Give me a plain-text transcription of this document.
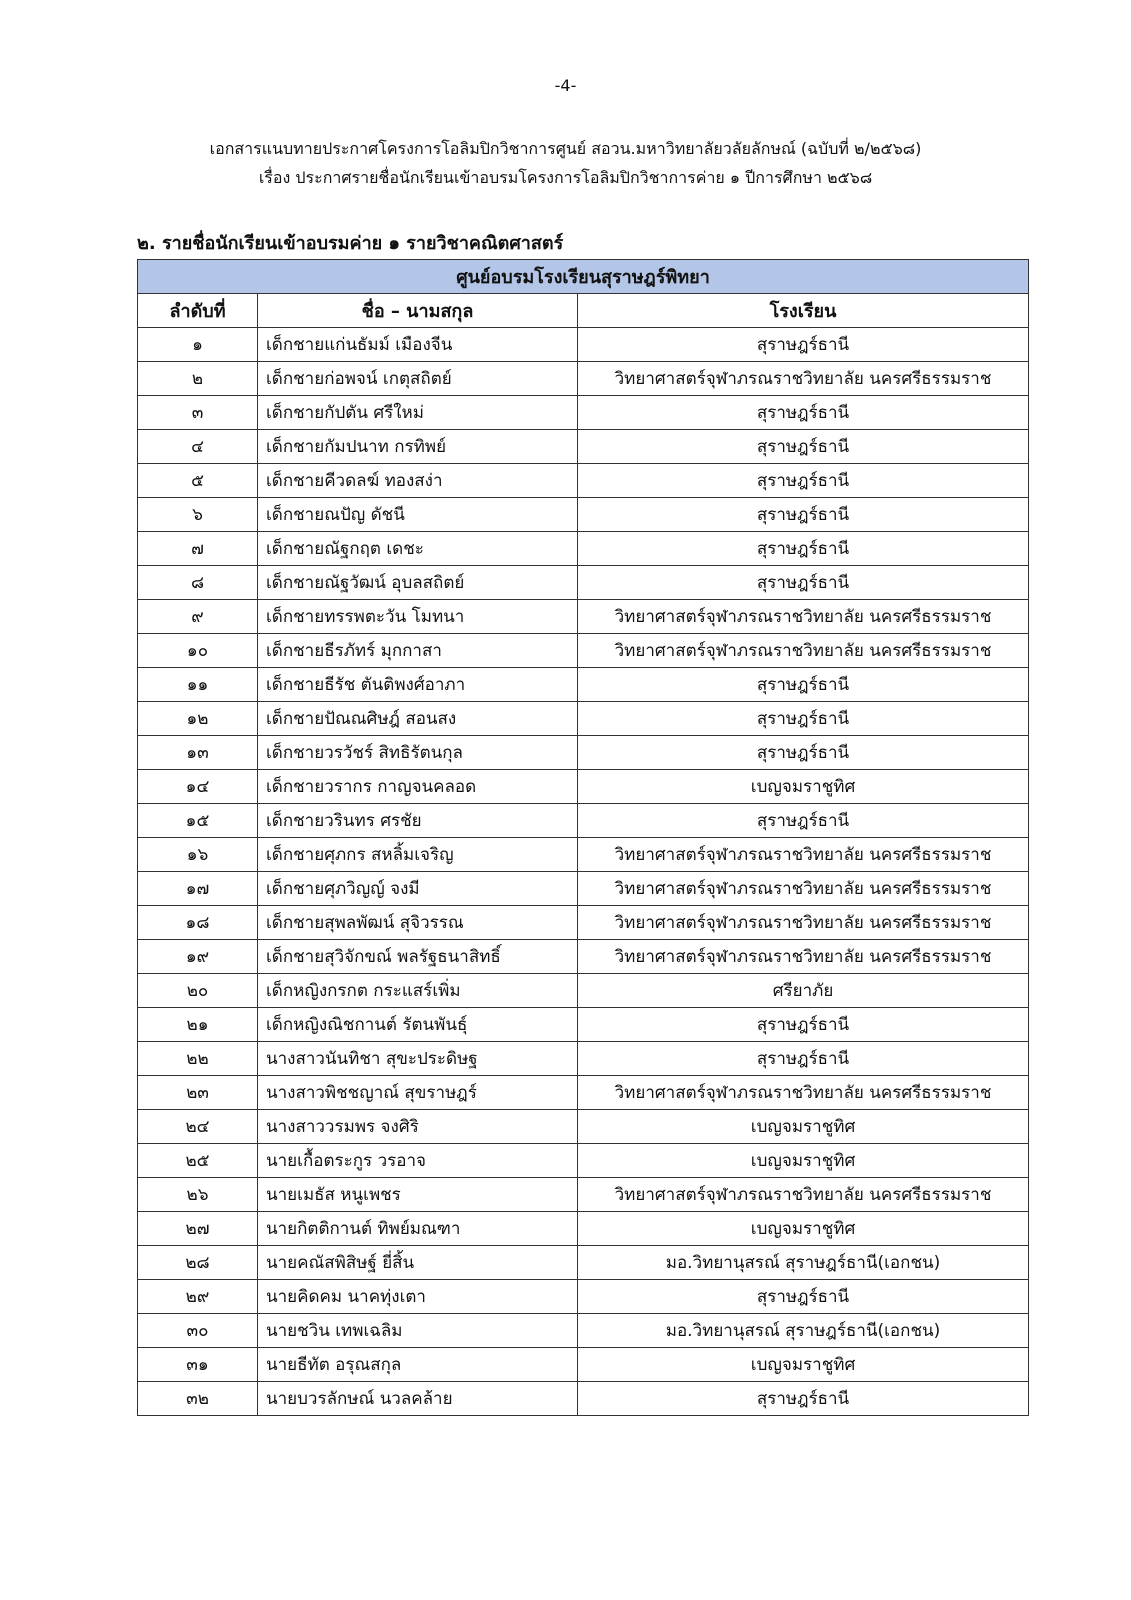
-4-
เอกสารแนบทายประกาศโครงการโอลิมปิกวิชาการศูนย์ สอวน.มหาวิทยาลัยวลัยลักษณ์ (ฉบับที่ ๒/๒๕๖๘)
เรื่อง ประกาศรายชื่อนักเรียนเข้าอบรมโครงการโอลิมปิกวิชาการค่าย ๑ ปีการศึกษา ๒๕๖๘
๒. รายชื่อนักเรียนเข้าอบรมค่าย ๑ รายวิชาคณิตศาสตร์
ศูนย์อบรมโรงเรียนสุราษฎร์พิทยา		
ลำดับที่	ชื่อ – นามสกุล	โรงเรียน
๑	เด็กชายแก่นธัมม์ เมืองจีน	สุราษฎร์ธานี
๒	เด็กชายก่อพจน์ เกตุสถิตย์	วิทยาศาสตร์จุฬาภรณราชวิทยาลัย นครศรีธรรมราช
๓	เด็กชายกัปตัน ศรีใหม่	สุราษฎร์ธานี
๔	เด็กชายกัมปนาท กรทิพย์	สุราษฎร์ธานี
๕	เด็กชายคีวดลฆ์ ทองสง่า	สุราษฎร์ธานี
๖	เด็กชายณปัญ ดัชนี	สุราษฎร์ธานี
๗	เด็กชายณัฐกฤต เดชะ	สุราษฎร์ธานี
๘	เด็กชายณัฐวัฒน์ อุบลสถิตย์	สุราษฎร์ธานี
๙	เด็กชายทรรพตะวัน โมทนา	วิทยาศาสตร์จุฬาภรณราชวิทยาลัย นครศรีธรรมราช
๑๐	เด็กชายธีรภัทร์ มุกกาสา	วิทยาศาสตร์จุฬาภรณราชวิทยาลัย นครศรีธรรมราช
๑๑	เด็กชายธีรัช ตันติพงศ์อาภา	สุราษฎร์ธานี
๑๒	เด็กชายปัณณศิษฎ์ สอนสง	สุราษฎร์ธานี
๑๓	เด็กชายวรวัชร์ สิทธิรัตนกุล	สุราษฎร์ธานี
๑๔	เด็กชายวรากร กาญจนคลอด	เบญจมราชูทิศ
๑๕	เด็กชายวรินทร ศรชัย	สุราษฎร์ธานี
๑๖	เด็กชายศุภกร สหลิ้มเจริญ	วิทยาศาสตร์จุฬาภรณราชวิทยาลัย นครศรีธรรมราช
๑๗	เด็กชายศุภวิญญ์ จงมี	วิทยาศาสตร์จุฬาภรณราชวิทยาลัย นครศรีธรรมราช
๑๘	เด็กชายสุพลพัฒน์ สุจิวรรณ	วิทยาศาสตร์จุฬาภรณราชวิทยาลัย นครศรีธรรมราช
๑๙	เด็กชายสุวิจักขณ์ พลรัฐธนาสิทธิ์	วิทยาศาสตร์จุฬาภรณราชวิทยาลัย นครศรีธรรมราช
๒๐	เด็กหญิงกรกต กระแสร์เพิ่ม	ศรียาภัย
๒๑	เด็กหญิงณิชกานต์ รัตนพันธุ์	สุราษฎร์ธานี
๒๒	นางสาวนันทิชา สุขะประดิษฐ	สุราษฎร์ธานี
๒๓	นางสาวพิชชญาณ์ สุขราษฎร์	วิทยาศาสตร์จุฬาภรณราชวิทยาลัย นครศรีธรรมราช
๒๔	นางสาววรมพร จงศิริ	เบญจมราชูทิศ
๒๕	นายเกื้อตระกูร วรอาจ	เบญจมราชูทิศ
๒๖	นายเมธัส หนูเพชร	วิทยาศาสตร์จุฬาภรณราชวิทยาลัย นครศรีธรรมราช
๒๗	นายกิตติกานต์ ทิพย์มณฑา	เบญจมราชูทิศ
๒๘	นายคณัสพิสิษฐ์ ยี่สิ้น	มอ.วิทยานุสรณ์ สุราษฎร์ธานี(เอกชน)
๒๙	นายคิดคม นาคทุ่งเตา	สุราษฎร์ธานี
๓๐	นายชวิน เทพเฉลิม	มอ.วิทยานุสรณ์ สุราษฎร์ธานี(เอกชน)
๓๑	นายธีทัต อรุณสกุล	เบญจมราชูทิศ
๓๒	นายบวรลักษณ์ นวลคล้าย	สุราษฎร์ธานี
